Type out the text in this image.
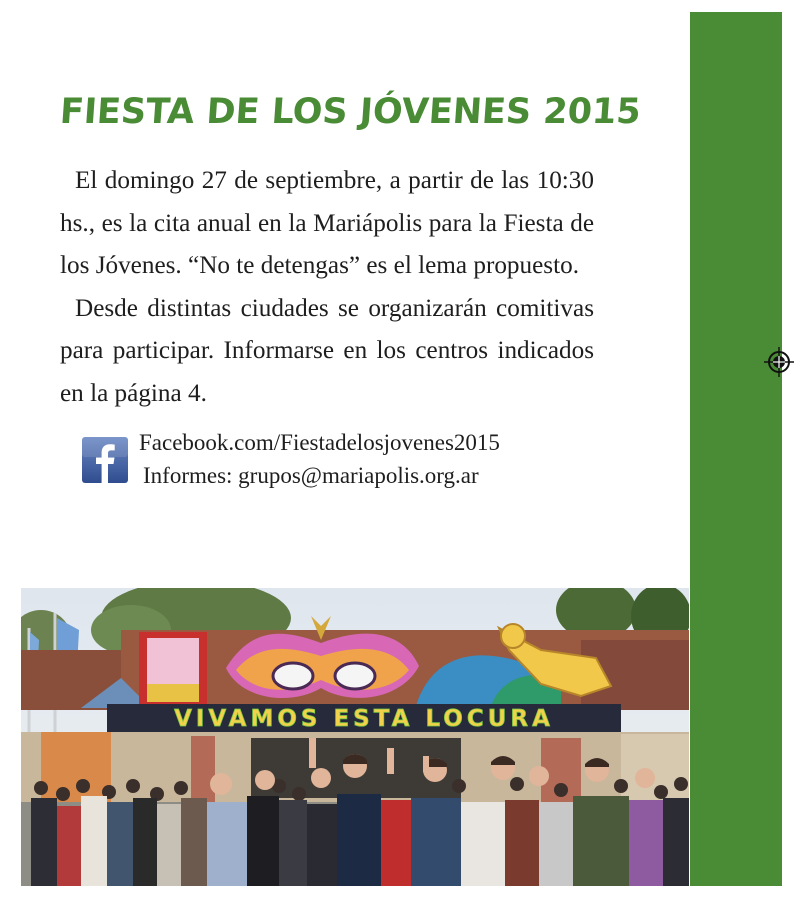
FIESTA DE LOS JÓVENES 2015

El domingo 27 de septiembre, a partir de las 10:30 hs., es la cita anual en la Mariápolis para la Fiesta de los Jóvenes. “No te detengas” es el lema propuesto.

Desde distintas ciudades se organizarán comitivas para participar. Informarse en los centros indicados en la página 4.

Facebook.com/Fiestadelosjovenes2015
Informes: grupos@mariapolis.org.ar
VIVAMOS ESTA LOCURA
